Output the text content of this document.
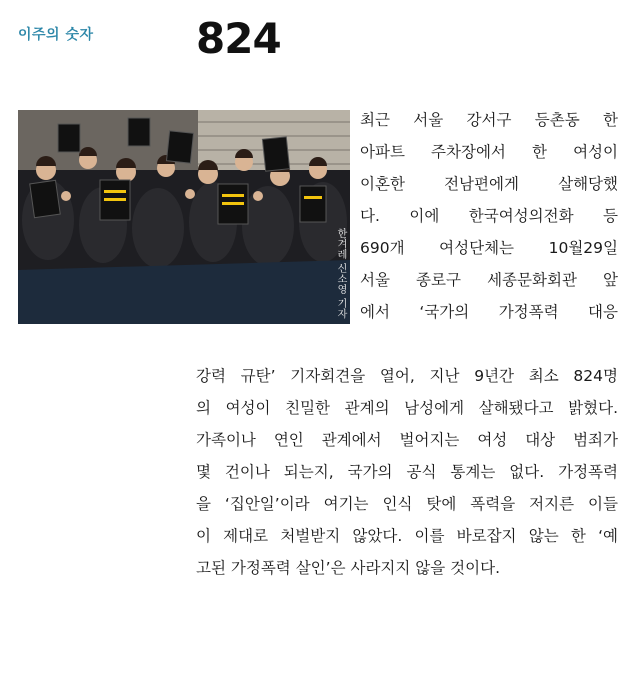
이주의 숫자 824
한겨레 신소영 기자
최근 서울 강서구 등촌동 한
아파트 주차장에서 한 여성이
이혼한 전남편에게 살해당했
다. 이에 한국여성의전화 등
690개 여성단체는 10월29일
서울 종로구 세종문화회관 앞
에서 ‘국가의 가정폭력 대응
강력 규탄’ 기자회견을 열어, 지난 9년간 최소 824명
의 여성이 친밀한 관계의 남성에게 살해됐다고 밝혔다.
가족이나 연인 관계에서 벌어지는 여성 대상 범죄가
몇 건이나 되는지, 국가의 공식 통계는 없다. 가정폭력
을 ‘집안일’이라 여기는 인식 탓에 폭력을 저지른 이들
이 제대로 처벌받지 않았다. 이를 바로잡지 않는 한 ‘예
고된 가정폭력 살인’은 사라지지 않을 것이다.
